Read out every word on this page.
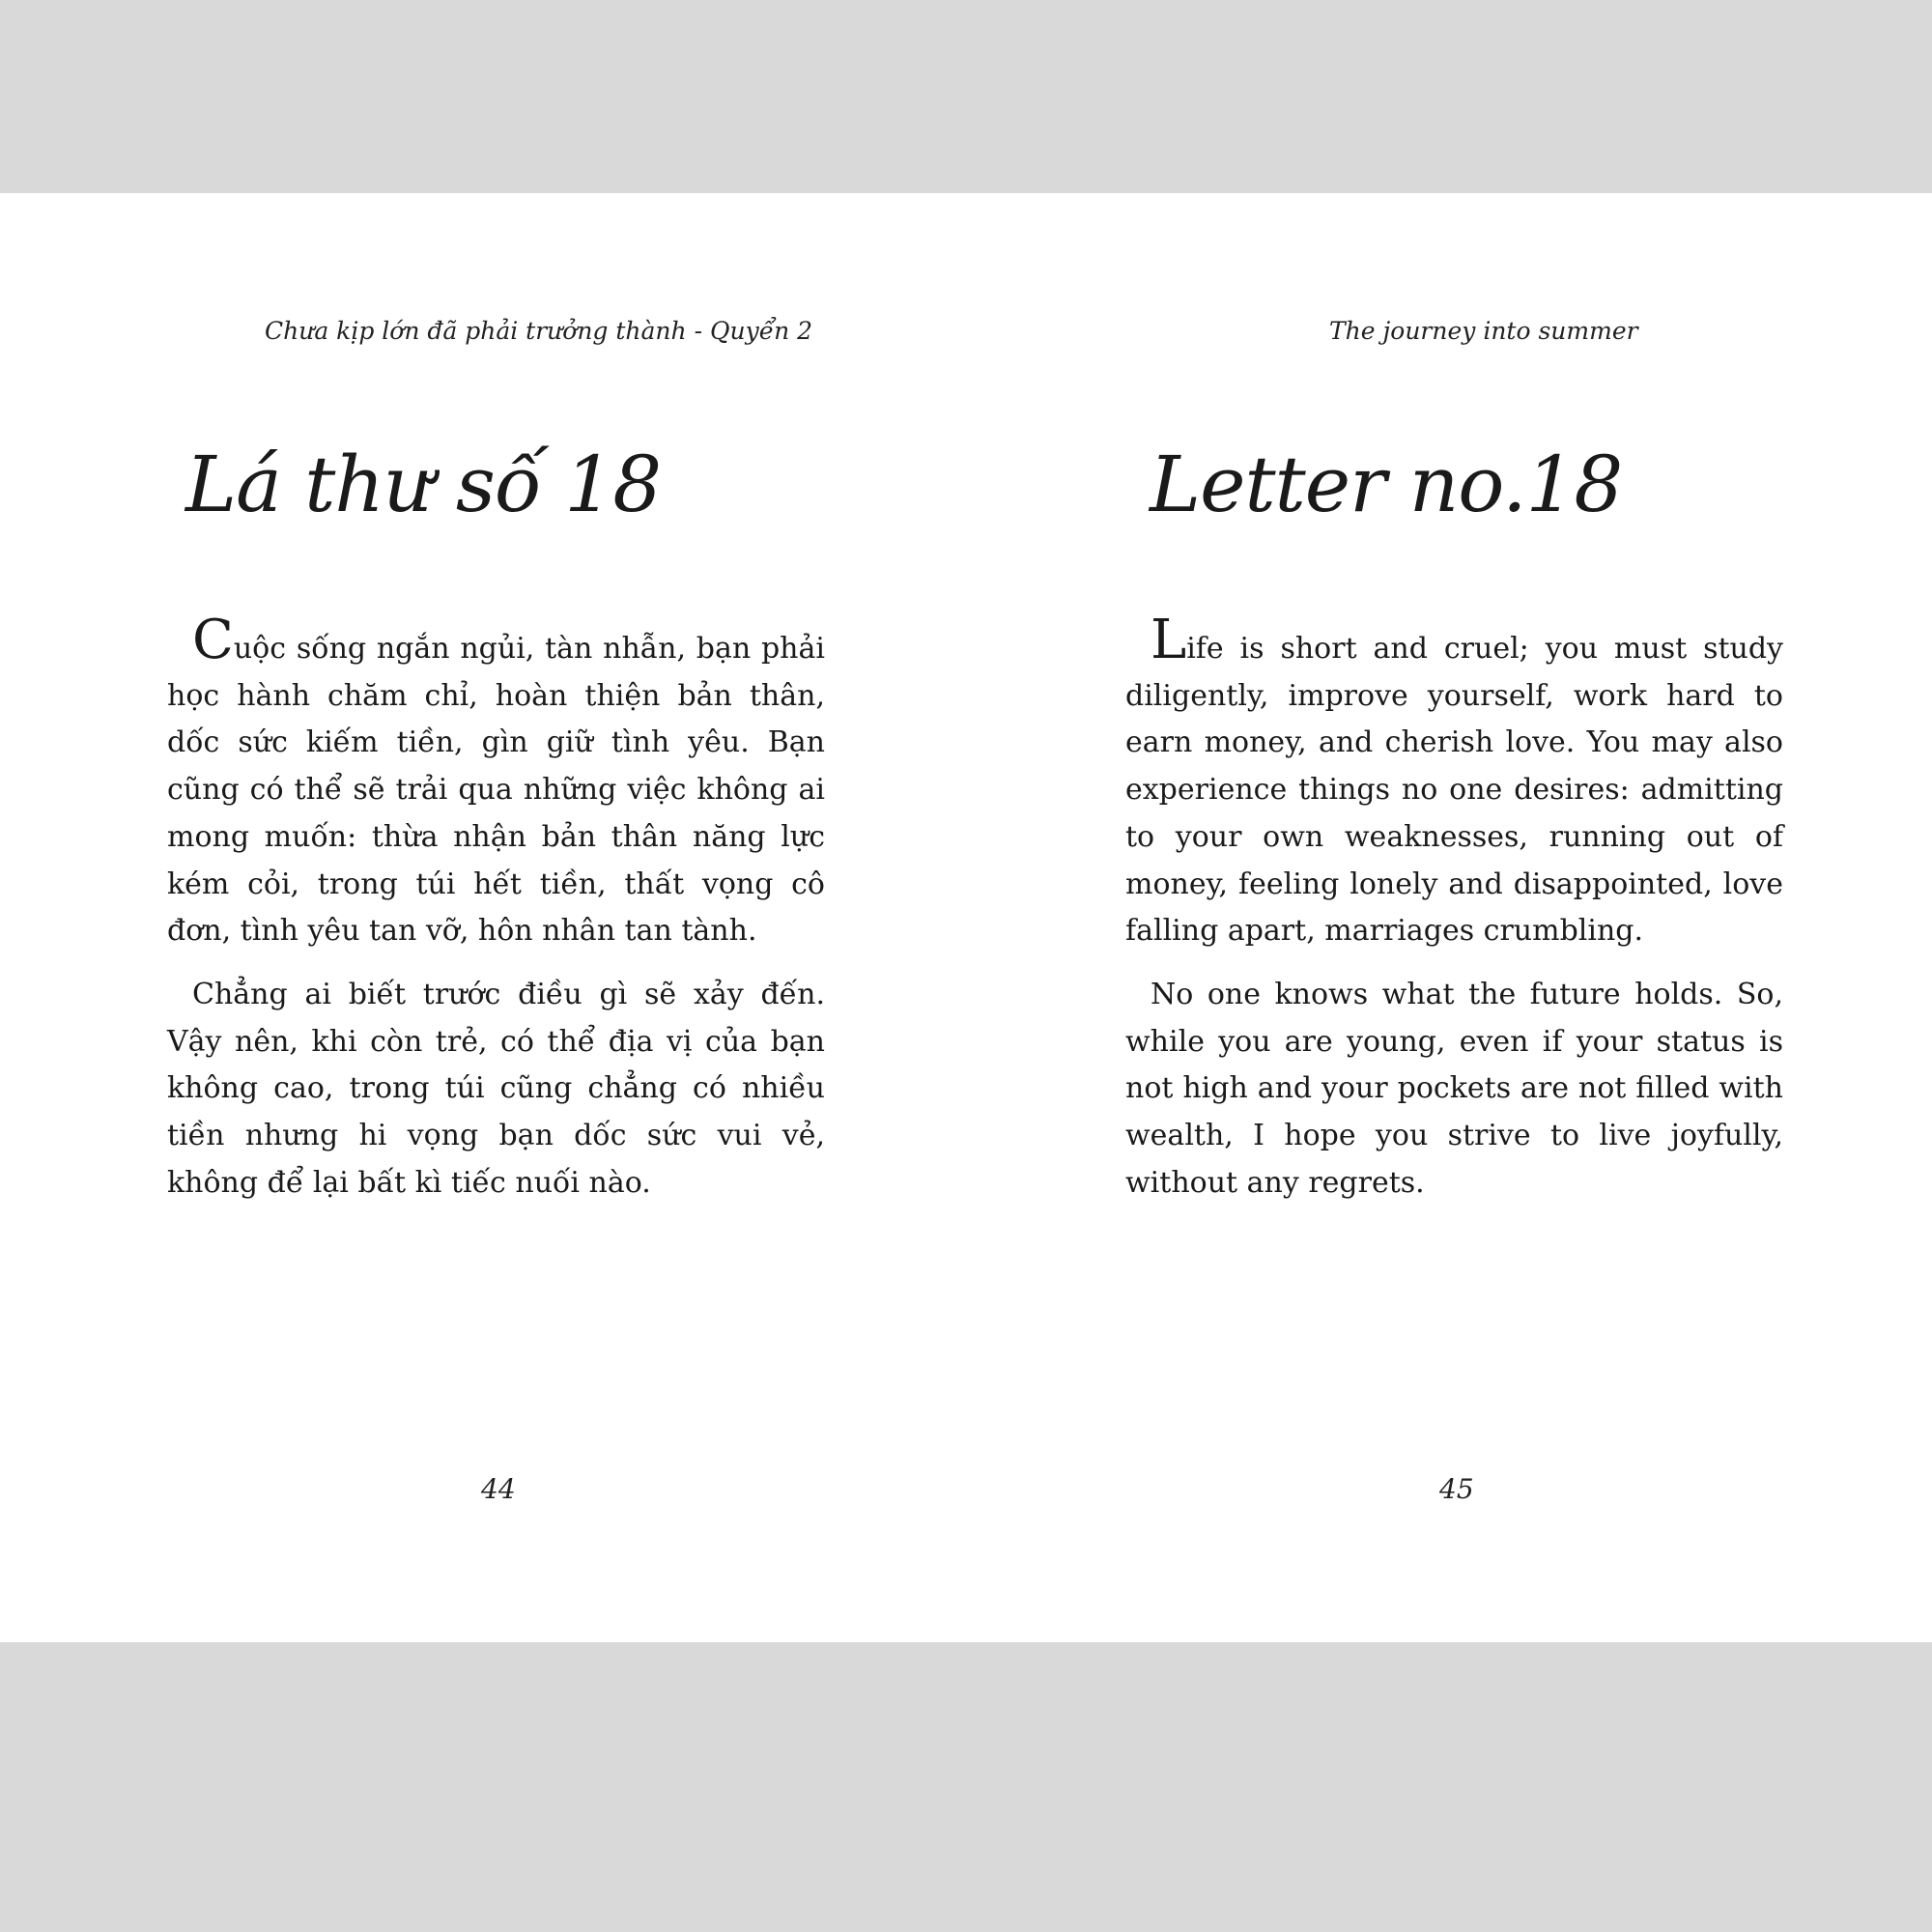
Chưa kịp lớn đã phải trưởng thành - Quyển 2
Lá thư số 18

Cuộc sống ngắn ngủi, tàn nhẫn, bạn phải học hành chăm chỉ, hoàn thiện bản thân, dốc sức kiếm tiền, gìn giữ tình yêu. Bạn cũng có thể sẽ trải qua những việc không ai mong muốn: thừa nhận bản thân năng lực kém cỏi, trong túi hết tiền, thất vọng cô đơn, tình yêu tan vỡ, hôn nhân tan tành.

Chẳng ai biết trước điều gì sẽ xảy đến. Vậy nên, khi còn trẻ, có thể địa vị của bạn không cao, trong túi cũng chẳng có nhiều tiền nhưng hi vọng bạn dốc sức vui vẻ, không để lại bất kì tiếc nuối nào.

44
The journey into summer
Letter no.18

Life is short and cruel; you must study diligently, improve yourself, work hard to earn money, and cherish love. You may also experience things no one desires: admitting to your own weaknesses, running out of money, feeling lonely and disappointed, love falling apart, marriages crumbling.

No one knows what the future holds. So, while you are young, even if your status is not high and your pockets are not filled with wealth, I hope you strive to live joyfully, without any regrets.

45
